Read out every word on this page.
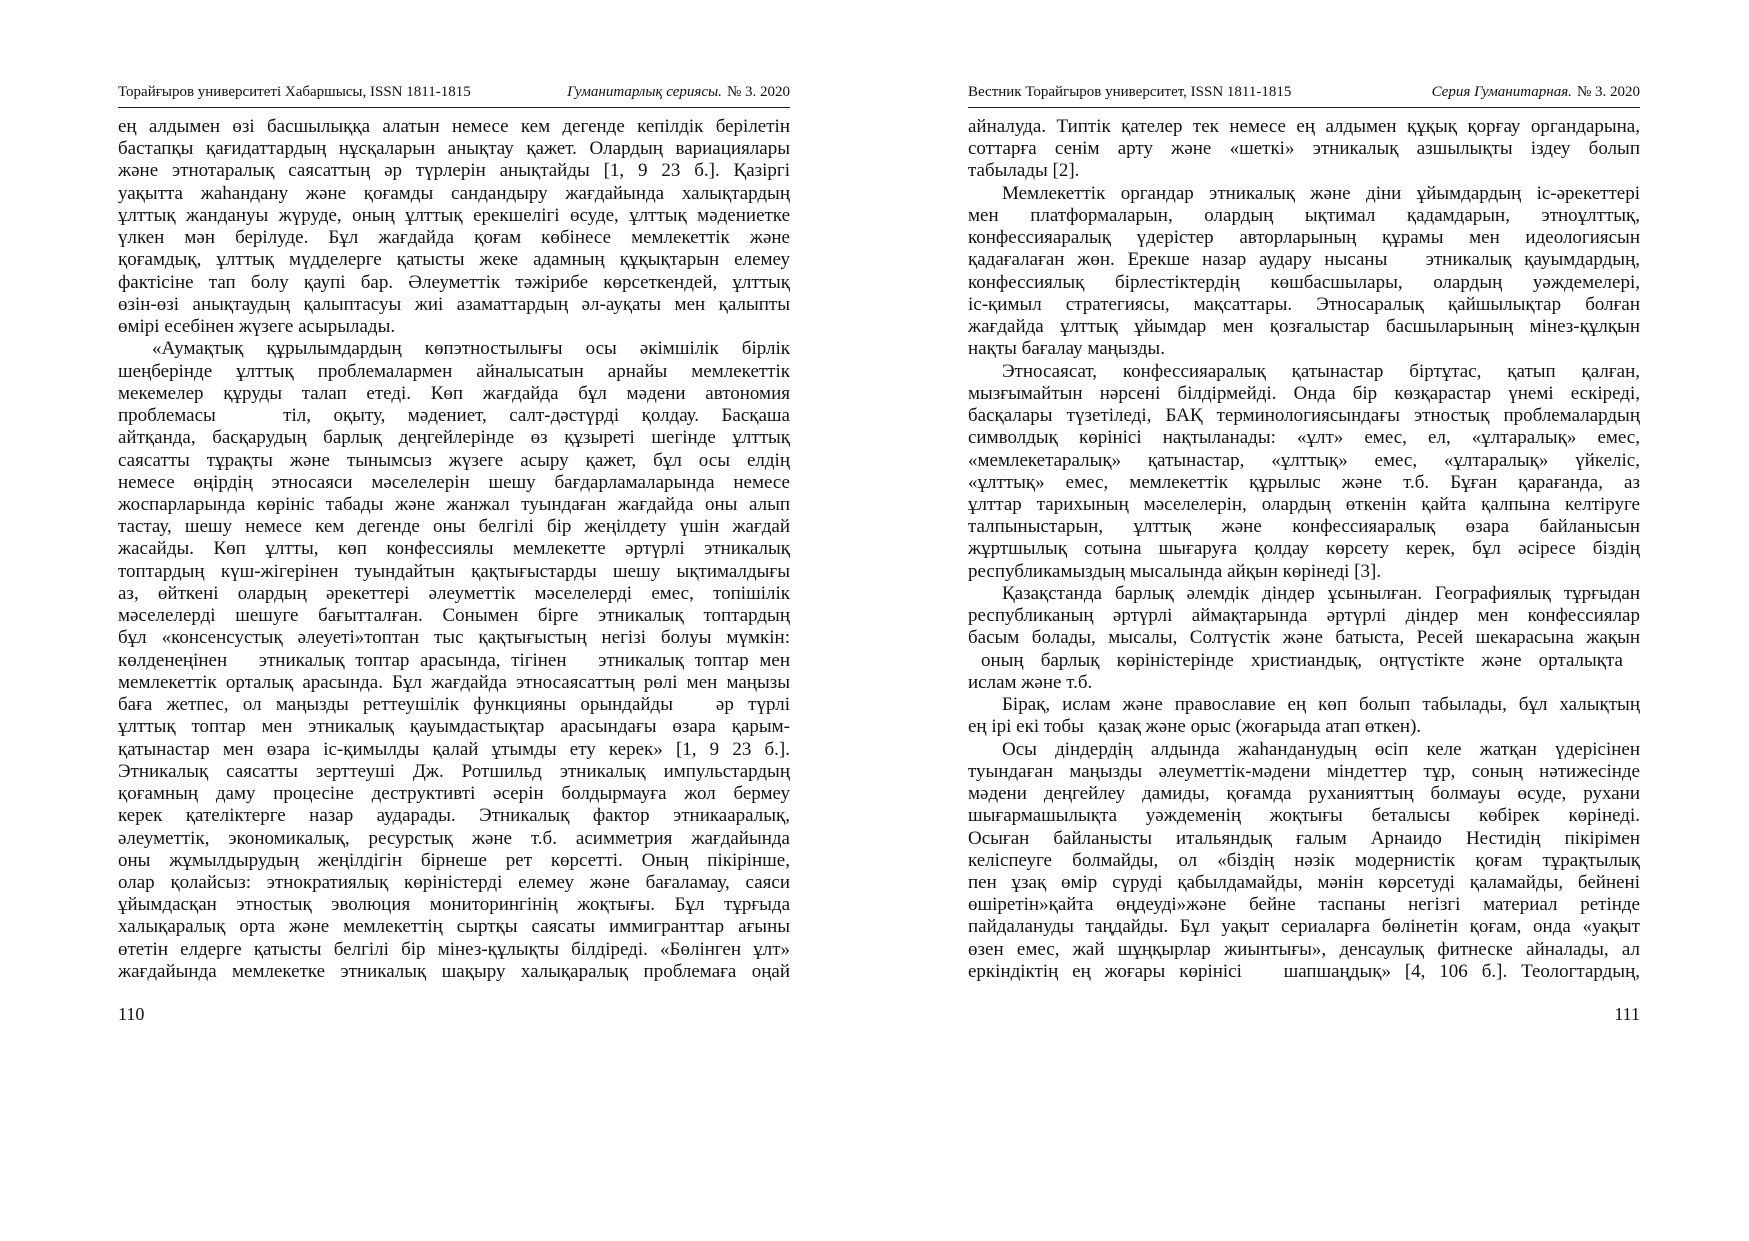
Торайғыров университеті Хабаршысы, ISSN 1811-1815	Гуманитарлық сериясы. № 3. 2020
ең алдымен өзі басшылыққа алатын немесе кем дегенде кепілдік берілетін
бастапқы қағидаттардың нұсқаларын анықтау қажет. Олардың вариациялары
және этнотаралық саясаттың әр түрлерін анықтайды [1, 9 23 б.]. Қазіргі
уақытта жаһандану және қоғамды сандандыру жағдайында халықтардың
ұлттық жандануы жүруде, оның ұлттық ерекшелігі өсуде, ұлттық мәдениетке
үлкен мән берілуде. Бұл жағдайда қоғам көбінесе мемлекеттік және
қоғамдық, ұлттық мүдделерге қатысты жеке адамның құқықтарын елемеу
фактісіне тап болу қаупі бар. Әлеуметтік тәжірибе көрсеткендей, ұлттық
өзін-өзі анықтаудың қалыптасуы жиі азаматтардың әл-ауқаты мен қалыпты
өмірі есебінен жүзеге асырылады.
«Аумақтық құрылымдардың көпэтностылығы осы әкімшілік бірлік
шеңберінде ұлттық проблемалармен айналысатын арнайы мемлекеттік
мекемелер құруды талап етеді. Көп жағдайда бұл мәдени автономия
проблемасы   тіл, оқыту, мәдениет, салт-дәстүрді қолдау. Басқаша
айтқанда, басқарудың барлық деңгейлерінде өз құзыреті шегінде ұлттық
саясатты тұрақты және тынымсыз жүзеге асыру қажет, бұл осы елдің
немесе өңірдің этносаяси мәселелерін шешу бағдарламаларында немесе
жоспарларында көрініс табады және жанжал туындаған жағдайда оны алып
тастау, шешу немесе кем дегенде оны белгілі бір жеңілдету үшін жағдай
жасайды. Көп ұлтты, көп конфессиялы мемлекетте әртүрлі этникалық
топтардың күш-жігерінен туындайтын қақтығыстарды шешу ықтималдығы
аз, өйткені олардың әрекеттері әлеуметтік мәселелерді емес, топішілік
мәселелерді шешуге бағытталған. Сонымен бірге этникалық топтардың
бұл «консенсустық әлеуеті»топтан тыс қақтығыстың негізі болуы мүмкін:
көлденеңінен   этникалық топтар арасында, тігінен   этникалық топтар мен
мемлекеттік орталық арасында. Бұл жағдайда этносаясаттың рөлі мен маңызы
баға жетпес, ол маңызды реттеушілік функцияны орындайды   әр түрлі
ұлттық топтар мен этникалық қауымдастықтар арасындағы өзара қарым-
қатынастар мен өзара іс-қимылды қалай ұтымды ету керек» [1, 9 23 б.].
Этникалық саясатты зерттеуші Дж. Ротшильд этникалық импульстардың
қоғамның даму процесіне деструктивті әсерін болдырмауға жол бермеу
керек қателіктерге назар аударады. Этникалық фактор этникааралық,
әлеуметтік, экономикалық, ресурстық және т.б. асимметрия жағдайында
оны жұмылдырудың жеңілдігін бірнеше рет көрсетті. Оның пікірінше,
олар қолайсыз: этнократиялық көріністерді елемеу және бағаламау, саяси
ұйымдасқан этностық эволюция мониторингінің жоқтығы. Бұл тұрғыда
халықаралық орта және мемлекеттің сыртқы саясаты иммигранттар ағыны
өтетін елдерге қатысты белгілі бір мінез-құлықты білдіреді. «Бөлінген ұлт»
жағдайында мемлекетке этникалық шақыру халықаралық проблемаға оңай
110
Вестник Торайгыров университет, ISSN 1811-1815	Серия Гуманитарная. № 3. 2020
айналуда. Типтік қателер тек немесе ең алдымен құқық қорғау органдарына,
соттарға сенім арту және «шеткі» этникалық азшылықты іздеу болып
табылады [2].
Мемлекеттік органдар этникалық және діни ұйымдардың іс-әрекеттері
мен платформаларын, олардың ықтимал қадамдарын, этноұлттық,
конфессияаралық үдерістер авторларының құрамы мен идеологиясын
қадағалаған жөн. Ерекше назар аудару нысаны   этникалық қауымдардың,
конфессиялық бірлестіктердің көшбасшылары, олардың уәждемелері,
іс-қимыл стратегиясы, мақсаттары. Этносаралық қайшылықтар болған
жағдайда ұлттық ұйымдар мен қозғалыстар басшыларының мінез-құлқын
нақты бағалау маңызды.
Этносаясат, конфессияаралық қатынастар біртұтас, қатып қалған,
мызғымайтын нәрсені білдірмейді. Онда бір көзқарастар үнемі ескіреді,
басқалары түзетіледі, БАҚ терминологиясындағы этностық проблемалардың
символдық көрінісі нақтыланады: «ұлт» емес, ел, «ұлтаралық» емес,
«мемлекетаралық» қатынастар, «ұлттық» емес, «ұлтаралық» үйкеліс,
«ұлттық» емес, мемлекеттік құрылыс және т.б. Бұған қарағанда, аз
ұлттар тарихының мәселелерін, олардың өткенін қайта қалпына келтіруге
талпыныстарын, ұлттық және конфессияаралық өзара байланысын
жұртшылық сотына шығаруға қолдау көрсету керек, бұл әсіресе біздің
республикамыздың мысалында айқын көрінеді [3].
Қазақстанда барлық әлемдік діндер ұсынылған. Географиялық тұрғыдан
республиканың әртүрлі аймақтарында әртүрлі діндер мен конфессиялар
басым болады, мысалы, Солтүстік және батыста, Ресей шекарасына жақын
оның барлық көріністерінде христиандық, оңтүстікте және орталықта
ислам және т.б.
Бірақ, ислам және православие ең көп болып табылады, бұл халықтың
ең ірі екі тобы   қазақ және орыс (жоғарыда атап өткен).
Осы діндердің алдында жаһанданудың өсіп келе жатқан үдерісінен
туындаған маңызды әлеуметтік-мәдени міндеттер тұр, соның нәтижесінде
мәдени деңгейлеу дамиды, қоғамда руханияттың болмауы өсуде, рухани
шығармашылықта уәждеменің жоқтығы беталысы көбірек көрінеді.
Осыған байланысты итальяндық ғалым Арнаидо Нестидің пікірімен
келіспеуге болмайды, ол «біздің нәзік модернистік қоғам тұрақтылық
пен ұзақ өмір сүруді қабылдамайды, мәнін көрсетуді қаламайды, бейнені
өшіретін»қайта өңдеуді»және бейне таспаны негізгі материал ретінде
пайдалануды таңдайды. Бұл уақыт сериаларға бөлінетін қоғам, онда «уақыт
өзен емес, жай шұңқырлар жиынтығы», денсаулық фитнеске айналады, ал
еркіндіктің ең жоғары көрінісі   шапшаңдық» [4, 106 б.]. Теологтардың,
111
